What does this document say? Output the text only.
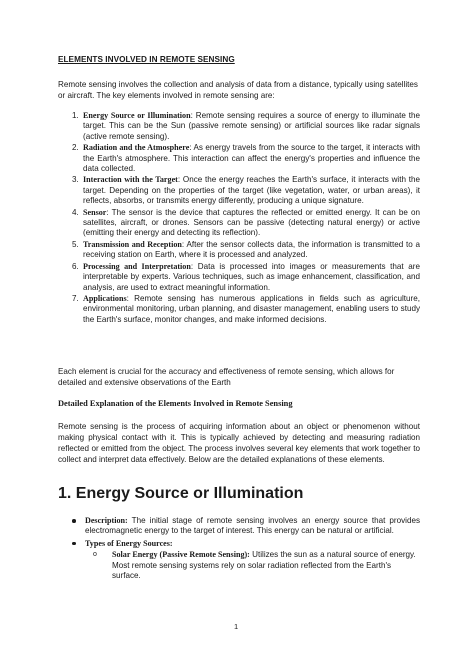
ELEMENTS INVOLVED IN REMOTE SENSING

Remote sensing involves the collection and analysis of data from a distance, typically using satellites or aircraft. The key elements involved in remote sensing are:

1. Energy Source or Illumination: Remote sensing requires a source of energy to illuminate the target. This can be the Sun (passive remote sensing) or artificial sources like radar signals (active remote sensing).
2. Radiation and the Atmosphere: As energy travels from the source to the target, it interacts with the Earth's atmosphere. This interaction can affect the energy's properties and influence the data collected.
3. Interaction with the Target: Once the energy reaches the Earth's surface, it interacts with the target. Depending on the properties of the target (like vegetation, water, or urban areas), it reflects, absorbs, or transmits energy differently, producing a unique signature.
4. Sensor: The sensor is the device that captures the reflected or emitted energy. It can be on satellites, aircraft, or drones. Sensors can be passive (detecting natural energy) or active (emitting their energy and detecting its reflection).
5. Transmission and Reception: After the sensor collects data, the information is transmitted to a receiving station on Earth, where it is processed and analyzed.
6. Processing and Interpretation: Data is processed into images or measurements that are interpretable by experts. Various techniques, such as image enhancement, classification, and analysis, are used to extract meaningful information.
7. Applications: Remote sensing has numerous applications in fields such as agriculture, environmental monitoring, urban planning, and disaster management, enabling users to study the Earth's surface, monitor changes, and make informed decisions.

Each element is crucial for the accuracy and effectiveness of remote sensing, which allows for detailed and extensive observations of the Earth

Detailed Explanation of the Elements Involved in Remote Sensing

Remote sensing is the process of acquiring information about an object or phenomenon without making physical contact with it. This is typically achieved by detecting and measuring radiation reflected or emitted from the object. The process involves several key elements that work together to collect and interpret data effectively. Below are the detailed explanations of these elements.

1. Energy Source or Illumination
Description: The initial stage of remote sensing involves an energy source that provides electromagnetic energy to the target of interest. This energy can be natural or artificial.
Types of Energy Sources:
o Solar Energy (Passive Remote Sensing): Utilizes the sun as a natural source of energy. Most remote sensing systems rely on solar radiation reflected from the Earth's surface.
1
